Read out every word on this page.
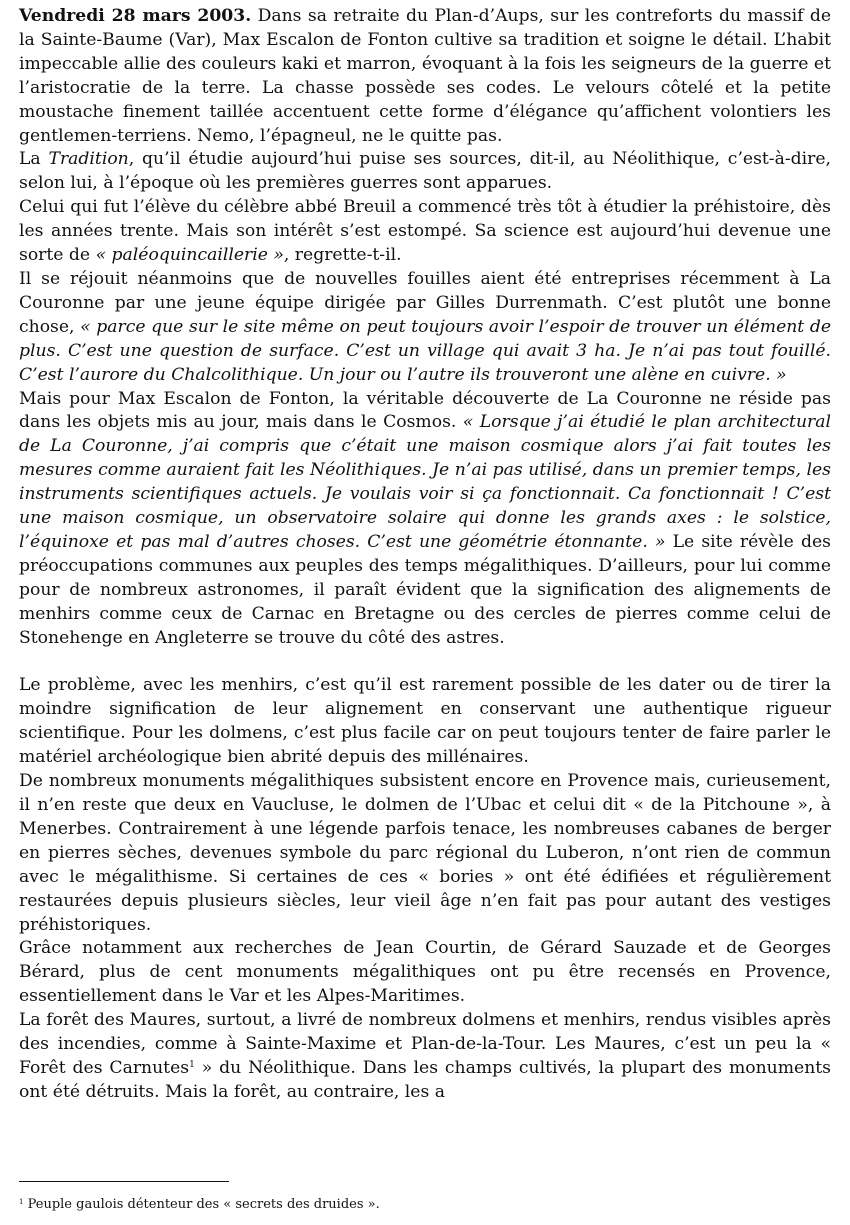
Vendredi 28 mars 2003. Dans sa retraite du Plan-d’Aups, sur les contreforts du massif de la Sainte-Baume (Var), Max Escalon de Fonton cultive sa tradition et soigne le détail. L’habit impeccable allie des couleurs kaki et marron, évoquant à la fois les seigneurs de la guerre et l’aristocratie de la terre. La chasse possède ses codes. Le velours côtelé et la petite moustache finement taillée accentuent cette forme d’élégance qu’affichent volontiers les gentlemen-terriens. Nemo, l’épagneul, ne le quitte pas.

La Tradition, qu’il étudie aujourd’hui puise ses sources, dit-il, au Néolithique, c’est-à-dire, selon lui, à l’époque où les premières guerres sont apparues.

Celui qui fut l’élève du célèbre abbé Breuil a commencé très tôt à étudier la préhistoire, dès les années trente. Mais son intérêt s’est estompé. Sa science est aujourd’hui devenue une sorte de « paléoquincaillerie », regrette-t-il.

Il se réjouit néanmoins que de nouvelles fouilles aient été entreprises récemment à La Couronne par une jeune équipe dirigée par Gilles Durrenmath. C’est plutôt une bonne chose, « parce que sur le site même on peut toujours avoir l’espoir de trouver un élément de plus. C’est une question de surface. C’est un village qui avait 3 ha. Je n’ai pas tout fouillé. C’est l’aurore du Chalcolithique. Un jour ou l’autre ils trouveront une alène en cuivre. »

Mais pour Max Escalon de Fonton, la véritable découverte de La Couronne ne réside pas dans les objets mis au jour, mais dans le Cosmos. « Lorsque j’ai étudié le plan architectural de La Couronne, j’ai compris que c’était une maison cosmique alors j’ai fait toutes les mesures comme auraient fait les Néolithiques. Je n’ai pas utilisé, dans un premier temps, les instruments scientifiques actuels. Je voulais voir si ça fonctionnait. Ca fonctionnait ! C’est une maison cosmique, un observatoire solaire qui donne les grands axes : le solstice, l’équinoxe et pas mal d’autres choses. C’est une géométrie étonnante. » Le site révèle des préoccupations communes aux peuples des temps mégalithiques. D’ailleurs, pour lui comme pour de nombreux astronomes, il paraît évident que la signification des alignements de menhirs comme ceux de Carnac en Bretagne ou des cercles de pierres comme celui de Stonehenge en Angleterre se trouve du côté des astres.

Le problème, avec les menhirs, c’est qu’il est rarement possible de les dater ou de tirer la moindre signification de leur alignement en conservant une authentique rigueur scientifique. Pour les dolmens, c’est plus facile car on peut toujours tenter de faire parler le matériel archéologique bien abrité depuis des millénaires.

De nombreux monuments mégalithiques subsistent encore en Provence mais, curieusement, il n’en reste que deux en Vaucluse, le dolmen de l’Ubac et celui dit « de la Pitchoune », à Menerbes. Contrairement à une légende parfois tenace, les nombreuses cabanes de berger en pierres sèches, devenues symbole du parc régional du Luberon, n’ont rien de commun avec le mégalithisme. Si certaines de ces « bories » ont été édifiées et régulièrement restaurées depuis plusieurs siècles, leur vieil âge n’en fait pas pour autant des vestiges préhistoriques.

Grâce notamment aux recherches de Jean Courtin, de Gérard Sauzade et de Georges Bérard, plus de cent monuments mégalithiques ont pu être recensés en Provence, essentiellement dans le Var et les Alpes-Maritimes.

La forêt des Maures, surtout, a livré de nombreux dolmens et menhirs, rendus visibles après des incendies, comme à Sainte-Maxime et Plan-de-la-Tour. Les Maures, c’est un peu la « Forêt des Carnutes$^1$ » du Néolithique. Dans les champs cultivés, la plupart des monuments ont été détruits. Mais la forêt, au contraire, les a

$^1$ Peuple gaulois détenteur des « secrets des druides ».
